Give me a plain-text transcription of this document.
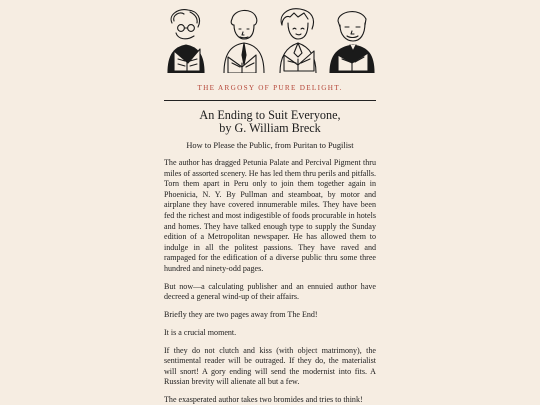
THE ARGOSY OF PURE DELIGHT.
An Ending to Suit Everyone,
by G. William Breck
How to Please the Public, from Puritan to Pugilist

The author has dragged Petunia Palate and Percival Pigment thru miles of assorted scenery. He has led them thru perils and pitfalls. Torn them apart in Peru only to join them together again in Phoenicia, N. Y. By Pullman and steamboat, by motor and airplane they have covered innumerable miles. They have been fed the richest and most indigestible of foods procurable in hotels and homes. They have talked enough type to supply the Sunday edition of a Metropolitan newspaper. He has allowed them to indulge in all the politest passions. They have raved and rampaged for the edification of a diverse public thru some three hundred and ninety-odd pages.

But now—a calculating publisher and an ennuied author have decreed a general wind-up of their affairs.

Briefly they are two pages away from The End!

It is a crucial moment.

If they do not clutch and kiss (with object matrimony), the sentimental reader will be outraged. If they do, the materialist will snort! A gory ending will send the modernist into fits. A Russian brevity will alienate all but a few.

The exasperated author takes two bromides and tries to think!
